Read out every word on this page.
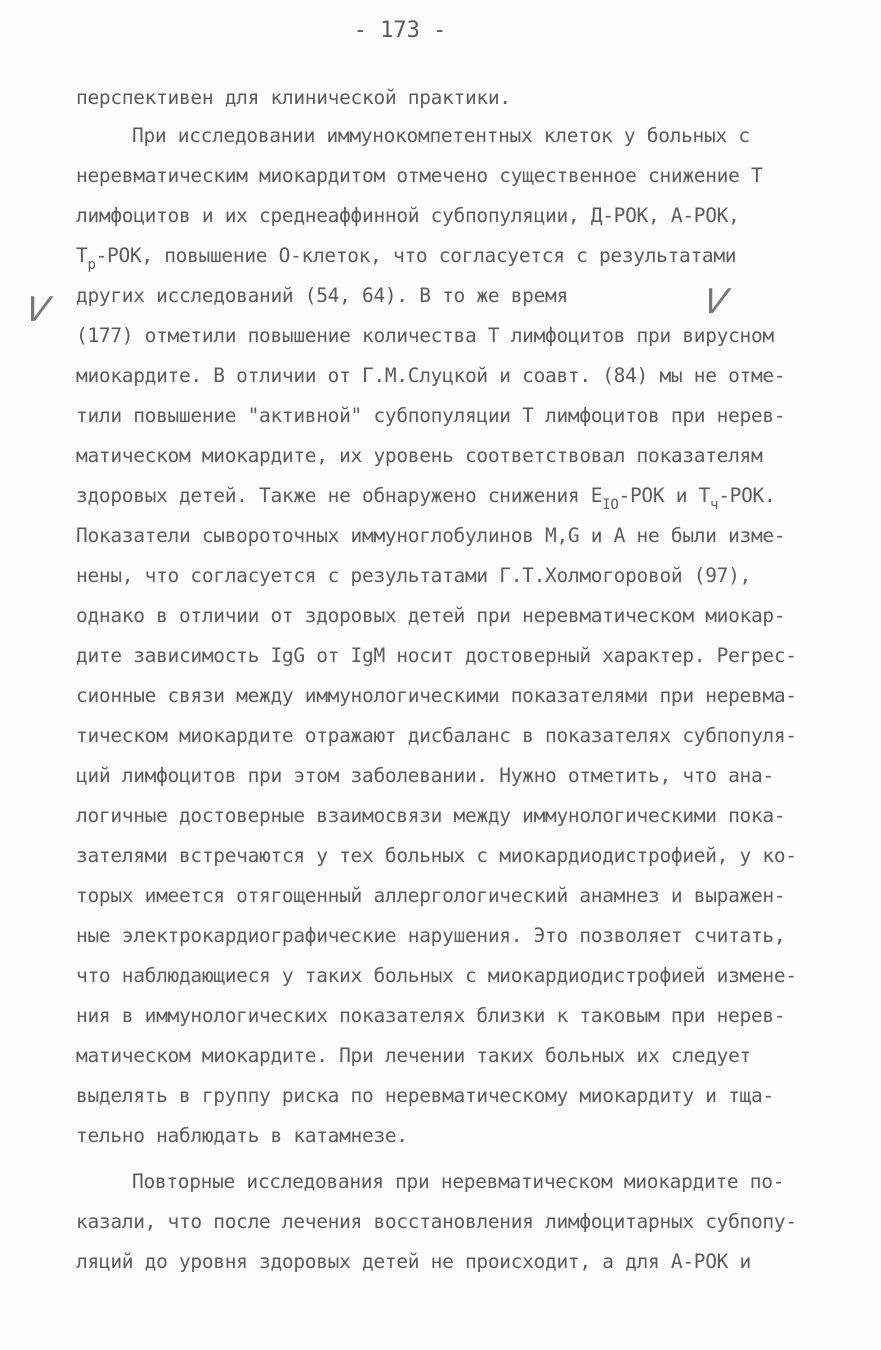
- 173 -
V	V
перспективен для клинической практики.
При исследовании иммунокомпетентных клеток у больных с
неревматическим миокардитом отмечено существенное снижение Т
лимфоцитов и их среднеаффинной субпопуляции, Д-РОК, А-РОК,
$Т_р$-РОК, повышение О-клеток, что согласуется с результатами
других исследований (54, 64). В то же время
(177) отметили повышение количества Т лимфоцитов при вирусном
миокардите. В отличии от Г.М.Слуцкой и соавт. (84) мы не отме-
тили повышение "активной" субпопуляции Т лимфоцитов при нерев-
матическом миокардите, их уровень соответствовал показателям
здоровых детей. Также не обнаружено снижения $Е_{IО}$-РОК и $Т_ч$-РОК.
Показатели сывороточных иммуноглобулинов М,G и А не были изме-
нены, что согласуется с результатами Г.Т.Холмогоровой (97),
однако в отличии от здоровых детей при неревматическом миокар-
дите зависимость IgG от IgM носит достоверный характер. Регрес-
сионные связи между иммунологическими показателями при неревма-
тическом миокардите отражают дисбаланс в показателях субпопуля-
ций лимфоцитов при этом заболевании. Нужно отметить, что ана-
логичные достоверные взаимосвязи между иммунологическими пока-
зателями встречаются у тех больных с миокардиодистрофией, у ко-
торых имеется отягощенный аллергологический анамнез и выражен-
ные электрокардиографические нарушения. Это позволяет считать,
что наблюдающиеся у таких больных с миокардиодистрофией измене-
ния в иммунологических показателях близки к таковым при нерев-
матическом миокардите. При лечении таких больных их следует
выделять в группу риска по неревматическому миокардиту и тща-
тельно наблюдать в катамнезе.
Повторные исследования при неревматическом миокардите по-
казали, что после лечения восстановления лимфоцитарных субпопу-
ляций до уровня здоровых детей не происходит, а для А-РОК и
